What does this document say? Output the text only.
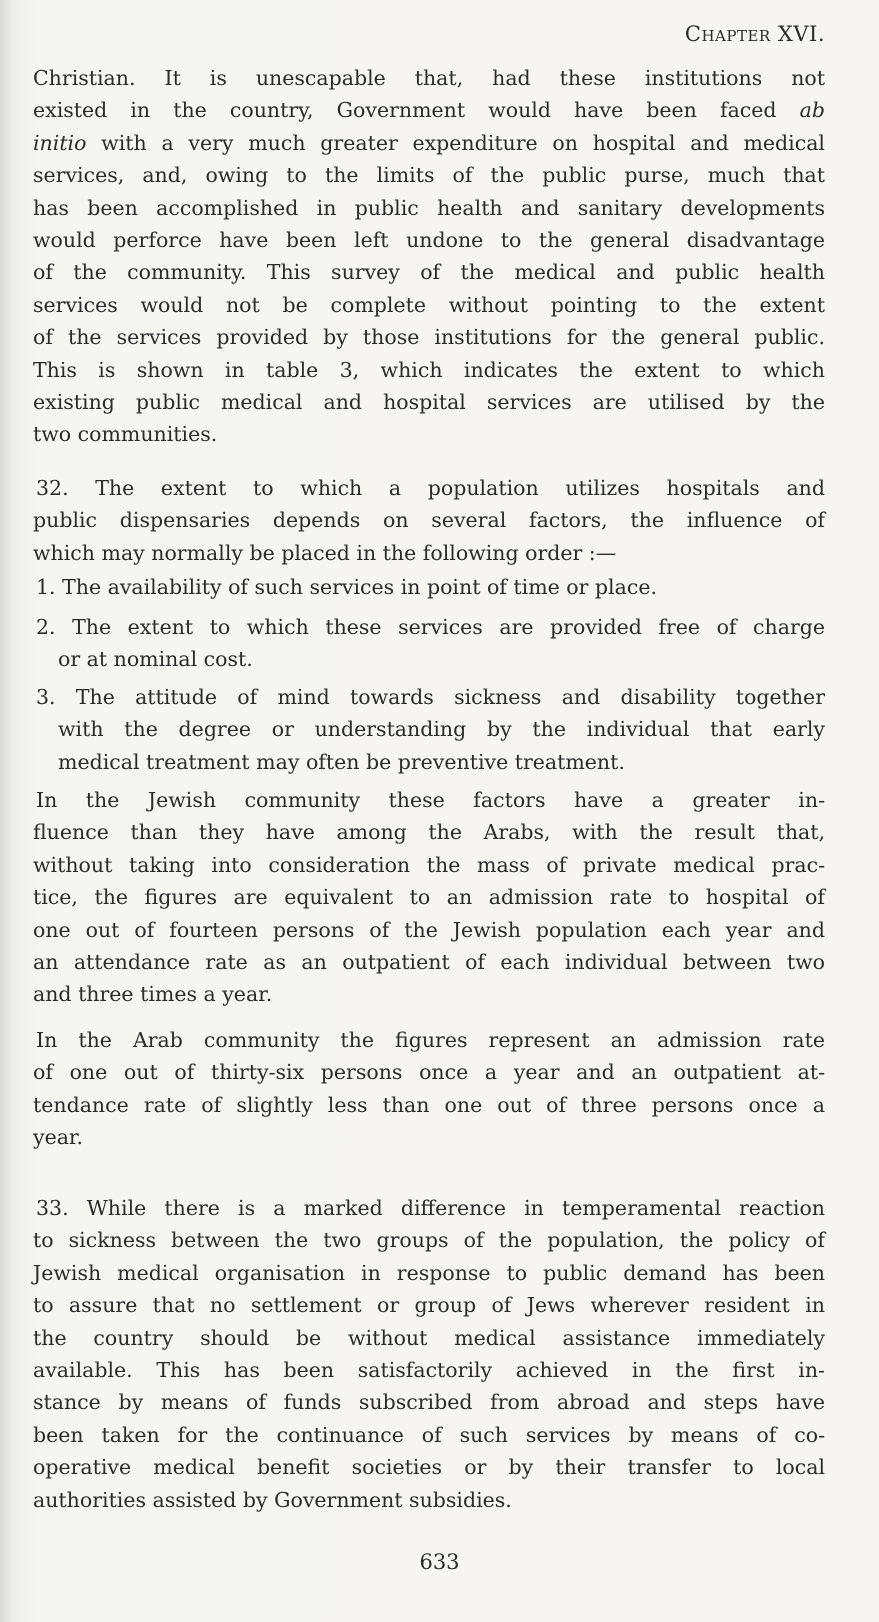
Chapter XVI.
Christian. It is unescapable that, had these institutions not
existed in the country, Government would have been faced ab
initio with a very much greater expenditure on hospital and medical
services, and, owing to the limits of the public purse, much that
has been accomplished in public health and sanitary developments
would perforce have been left undone to the general disadvantage
of the community. This survey of the medical and public health
services would not be complete without pointing to the extent
of the services provided by those institutions for the general public.
This is shown in table 3, which indicates the extent to which
existing public medical and hospital services are utilised by the
two communities.
32. The extent to which a population utilizes hospitals and
public dispensaries depends on several factors, the influence of
which may normally be placed in the following order :—
1. The availability of such services in point of time or place.
2. The extent to which these services are provided free of charge
or at nominal cost.
3. The attitude of mind towards sickness and disability together
with the degree or understanding by the individual that early
medical treatment may often be preventive treatment.
In the Jewish community these factors have a greater in-
fluence than they have among the Arabs, with the result that,
without taking into consideration the mass of private medical prac-
tice, the figures are equivalent to an admission rate to hospital of
one out of fourteen persons of the Jewish population each year and
an attendance rate as an outpatient of each individual between two
and three times a year.
In the Arab community the figures represent an admission rate
of one out of thirty-six persons once a year and an outpatient at-
tendance rate of slightly less than one out of three persons once a
year.
33. While there is a marked difference in temperamental reaction
to sickness between the two groups of the population, the policy of
Jewish medical organisation in response to public demand has been
to assure that no settlement or group of Jews wherever resident in
the country should be without medical assistance immediately
available. This has been satisfactorily achieved in the first in-
stance by means of funds subscribed from abroad and steps have
been taken for the continuance of such services by means of co-
operative medical benefit societies or by their transfer to local
authorities assisted by Government subsidies.
633
